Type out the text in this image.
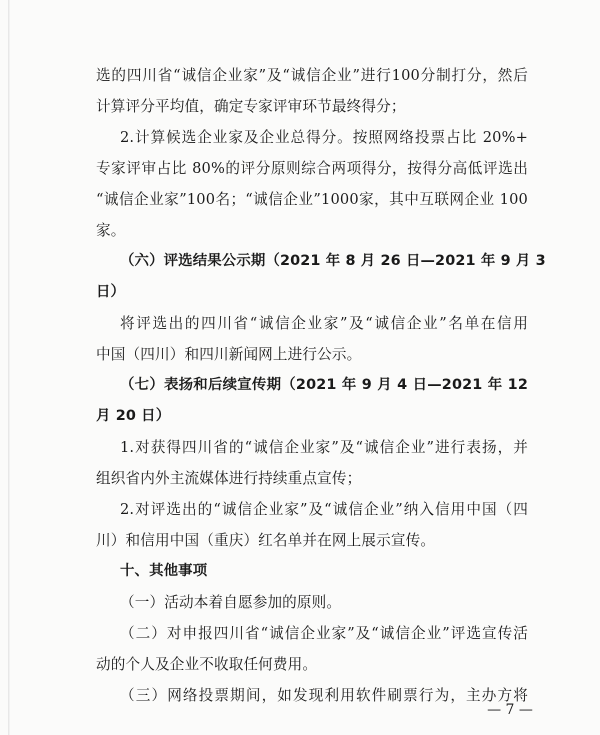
选的四川省“诚信企业家”及“诚信企业”进行100分制打分，然后
计算评分平均值，确定专家评审环节最终得分；
2.计算候选企业家及企业总得分。按照网络投票占比 20%+
专家评审占比 80%的评分原则综合两项得分，按得分高低评选出
“诚信企业家”100名；“诚信企业”1000家，其中互联网企业 100
家。
（六）评选结果公示期（2021 年 8 月 26 日—2021 年 9 月 3
日）
将评选出的四川省“诚信企业家”及“诚信企业”名单在信用
中国（四川）和四川新闻网上进行公示。
（七）表扬和后续宣传期（2021 年 9 月 4 日—2021 年 12
月 20 日）
1.对获得四川省的“诚信企业家”及“诚信企业”进行表扬，并
组织省内外主流媒体进行持续重点宣传；
2.对评选出的“诚信企业家”及“诚信企业”纳入信用中国（四
川）和信用中国（重庆）红名单并在网上展示宣传。
十、其他事项
（一）活动本着自愿参加的原则。
（二）对申报四川省“诚信企业家”及“诚信企业”评选宣传活
动的个人及企业不收取任何费用。
（三）网络投票期间，如发现利用软件刷票行为，主办方将
— 7 —
